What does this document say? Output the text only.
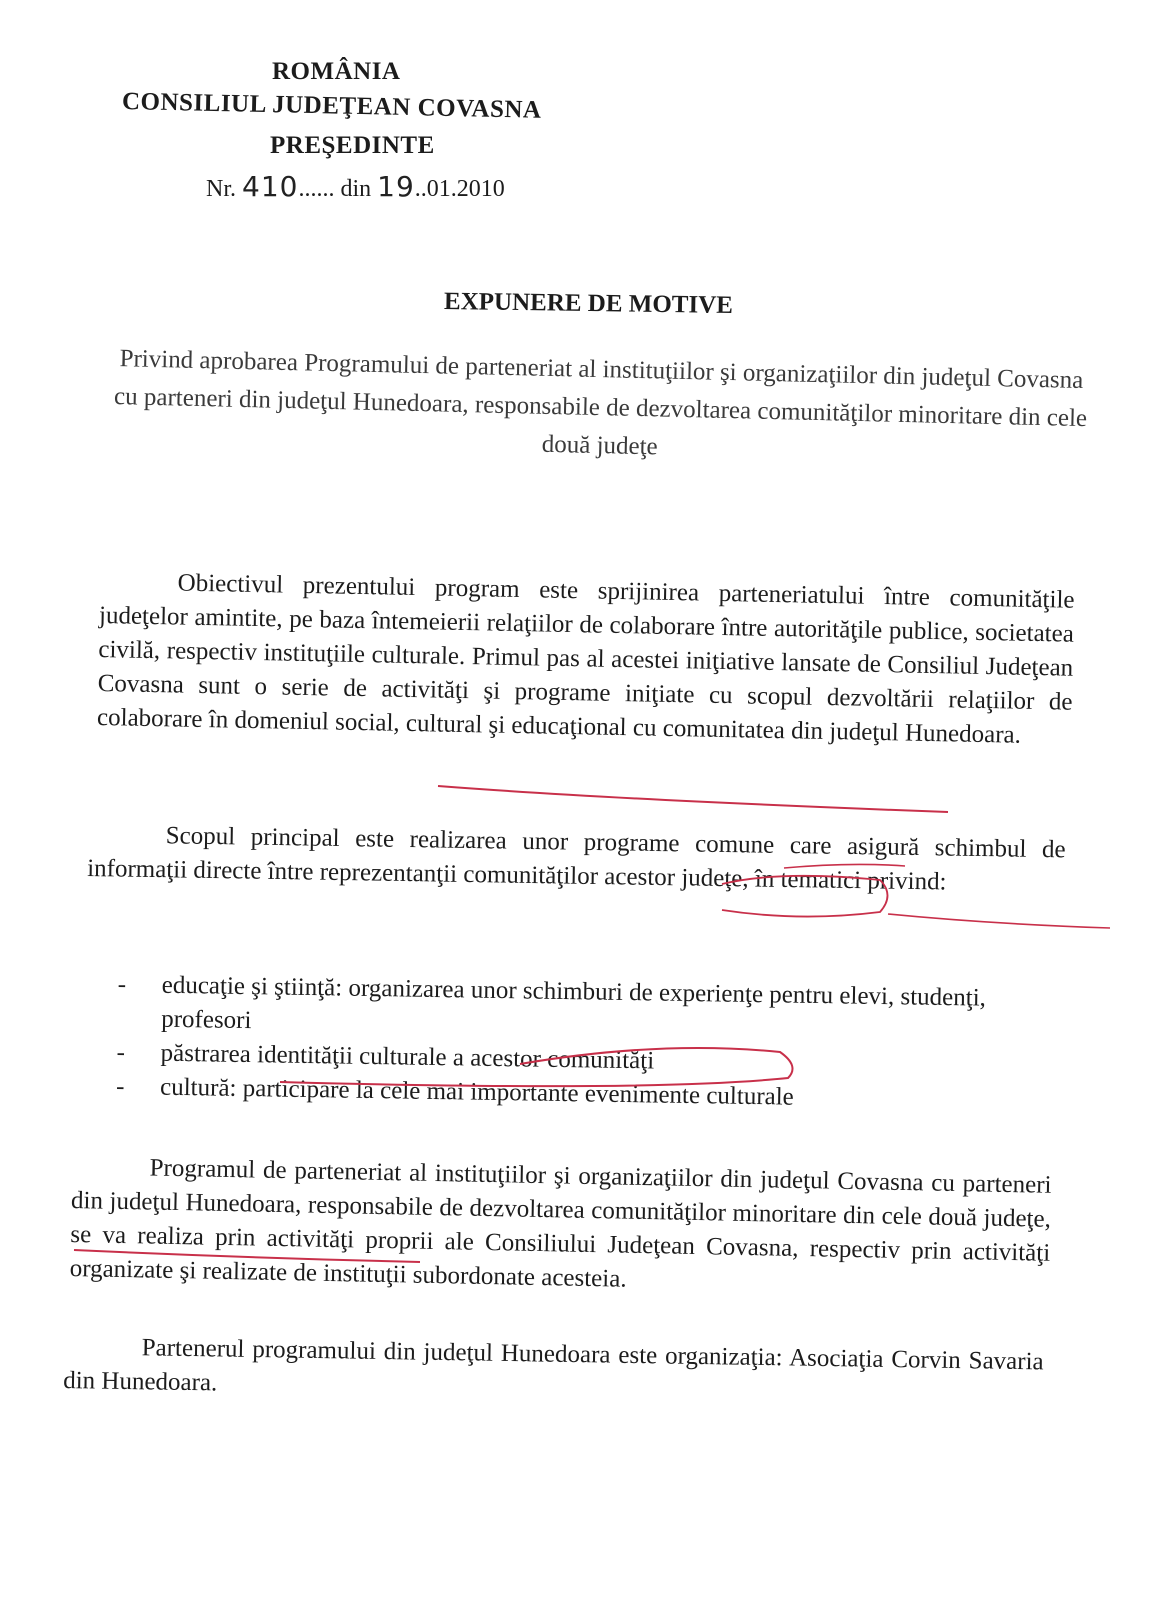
ROMÂNIA
CONSILIUL JUDEŢEAN COVASNA
PREŞEDINTE
Nr. 410...... din 19..01.2010
EXPUNERE DE MOTIVE
Privind aprobarea Programului de parteneriat al instituţiilor şi organizaţiilor din judeţul Covasna cu parteneri din judeţul Hunedoara, responsabile de dezvoltarea comunităţilor minoritare din cele două judeţe
Obiectivul prezentului program este sprijinirea parteneriatului între comunităţile judeţelor amintite, pe baza întemeierii relaţiilor de colaborare între autorităţile publice, societatea civilă, respectiv instituţiile culturale. Primul pas al acestei iniţiative lansate de Consiliul Judeţean Covasna sunt o serie de activităţi şi programe iniţiate cu scopul dezvoltării relaţiilor de colaborare în domeniul social, cultural şi educaţional cu comunitatea din judeţul Hunedoara.
Scopul principal este realizarea unor programe comune care asigură schimbul de informaţii directe între reprezentanţii comunităţilor acestor judeţe, în tematici privind:
-	educaţie şi ştiinţă: organizarea unor schimburi de experienţe pentru elevi, studenţi, profesori
-	păstrarea identităţii culturale a acestor comunităţi
-	cultură: participare la cele mai importante evenimente culturale
Programul de parteneriat al instituţiilor şi organizaţiilor din judeţul Covasna cu parteneri din judeţul Hunedoara, responsabile de dezvoltarea comunităţilor minoritare din cele două judeţe, se va realiza prin activităţi proprii ale Consiliului Judeţean Covasna, respectiv prin activităţi organizate şi realizate de instituţii subordonate acesteia.
Partenerul programului din judeţul Hunedoara este organizaţia: Asociaţia Corvin Savaria din Hunedoara.
